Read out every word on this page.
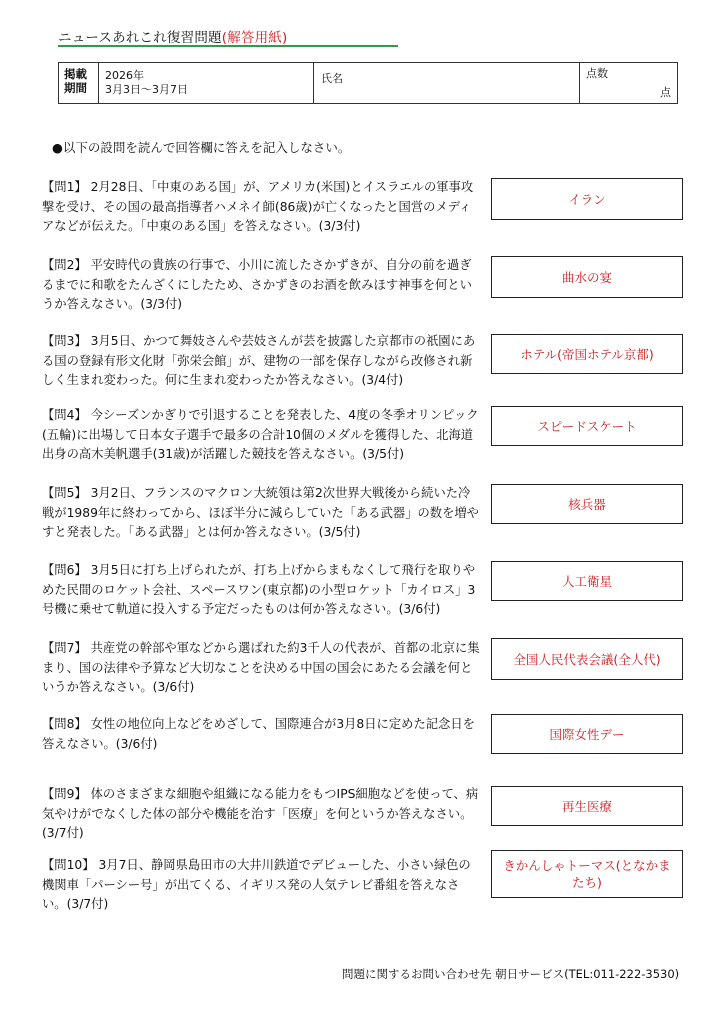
ニュースあれこれ復習問題(解答用紙)
掲載
期間
2026年
3月3日～3月7日
氏名	点数
点
●以下の設問を読んで回答欄に答えを記入しなさい。
【問1】 2月28日、「中東のある国」が、アメリカ(米国)とイスラエルの軍事攻撃を受け、その国の最高指導者ハメネイ師(86歳)が亡くなったと国営のメディアなどが伝えた。「中東のある国」を答えなさい。(3/3付)
イラン
【問2】 平安時代の貴族の行事で、小川に流したさかずきが、自分の前を過ぎるまでに和歌をたんざくにしたため、さかずきのお酒を飲みほす神事を何というか答えなさい。(3/3付)
曲水の宴
【問3】 3月5日、かつて舞妓さんや芸妓さんが芸を披露した京都市の祇園にある国の登録有形文化財「弥栄会館」が、建物の一部を保存しながら改修され新しく生まれ変わった。何に生まれ変わったか答えなさい。(3/4付)
ホテル(帝国ホテル京都)
【問4】 今シーズンかぎりで引退することを発表した、4度の冬季オリンピック(五輪)に出場して日本女子選手で最多の合計10個のメダルを獲得した、北海道出身の高木美帆選手(31歳)が活躍した競技を答えなさい。(3/5付)
スピードスケート
【問5】 3月2日、フランスのマクロン大統領は第2次世界大戦後から続いた冷戦が1989年に終わってから、ほぼ半分に減らしていた「ある武器」の数を増やすと発表した。「ある武器」とは何か答えなさい。(3/5付)
核兵器
【問6】 3月5日に打ち上げられたが、打ち上げからまもなくして飛行を取りやめた民間のロケット会社、スペースワン(東京都)の小型ロケット「カイロス」3号機に乗せて軌道に投入する予定だったものは何か答えなさい。(3/6付)
人工衛星
【問7】 共産党の幹部や軍などから選ばれた約3千人の代表が、首都の北京に集まり、国の法律や予算など大切なことを決める中国の国会にあたる会議を何というか答えなさい。(3/6付)
全国人民代表会議(全人代)
【問8】 女性の地位向上などをめざして、国際連合が3月8日に定めた記念日を答えなさい。(3/6付)
国際女性デー
【問9】 体のさまざまな細胞や組織になる能力をもつIPS細胞などを使って、病気やけがでなくした体の部分や機能を治す「医療」を何というか答えなさい。(3/7付)
再生医療
【問10】 3月7日、静岡県島田市の大井川鉄道でデビューした、小さい緑色の機関車「パーシー号」が出てくる、イギリス発の人気テレビ番組を答えなさい。(3/7付)
きかんしゃトーマス(となかまたち)
問題に関するお問い合わせ先 朝日サービス(TEL:011-222-3530)
